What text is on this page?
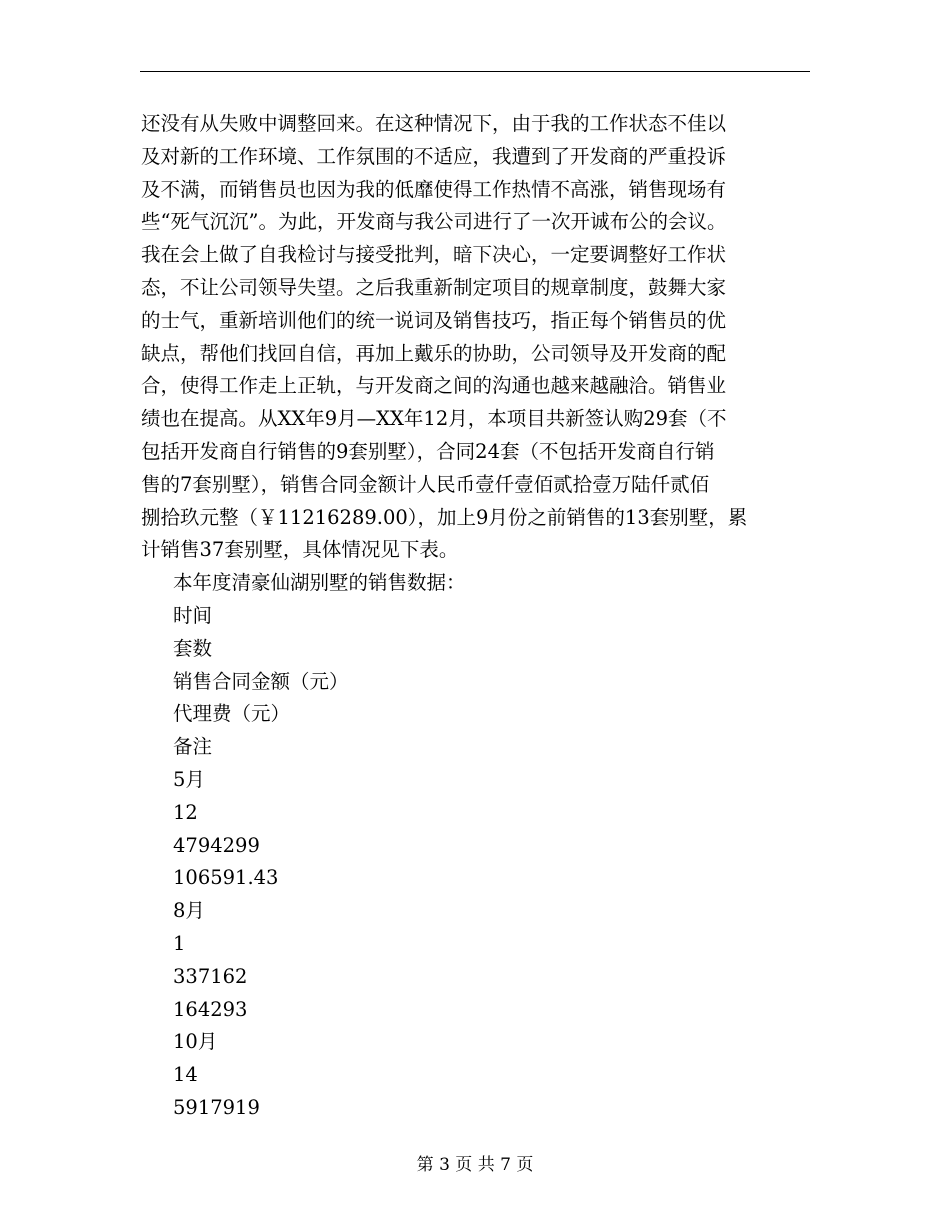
还没有从失败中调整回来。在这种情况下，由于我的工作状态不佳以
及对新的工作环境、工作氛围的不适应，我遭到了开发商的严重投诉
及不满，而销售员也因为我的低靡使得工作热情不高涨，销售现场有
些“死气沉沉”。为此，开发商与我公司进行了一次开诚布公的会议。
我在会上做了自我检讨与接受批判，暗下决心，一定要调整好工作状
态，不让公司领导失望。之后我重新制定项目的规章制度，鼓舞大家
的士气，重新培训他们的统一说词及销售技巧，指正每个销售员的优
缺点，帮他们找回自信，再加上戴乐的协助，公司领导及开发商的配
合，使得工作走上正轨，与开发商之间的沟通也越来越融洽。销售业
绩也在提高。从XX年9月—XX年12月，本项目共新签认购29套（不
包括开发商自行销售的9套别墅），合同24套（不包括开发商自行销
售的7套别墅），销售合同金额计人民币壹仟壹佰贰拾壹万陆仟贰佰
捌拾玖元整（￥11216289.00），加上9月份之前销售的13套别墅，累
计销售37套别墅，具体情况见下表。
本年度清豪仙湖别墅的销售数据：
时间
套数
销售合同金额（元）
代理费（元）
备注
5月
12
4794299
106591.43
8月
1
337162
164293
10月
14
5917919
第 3 页 共 7 页
